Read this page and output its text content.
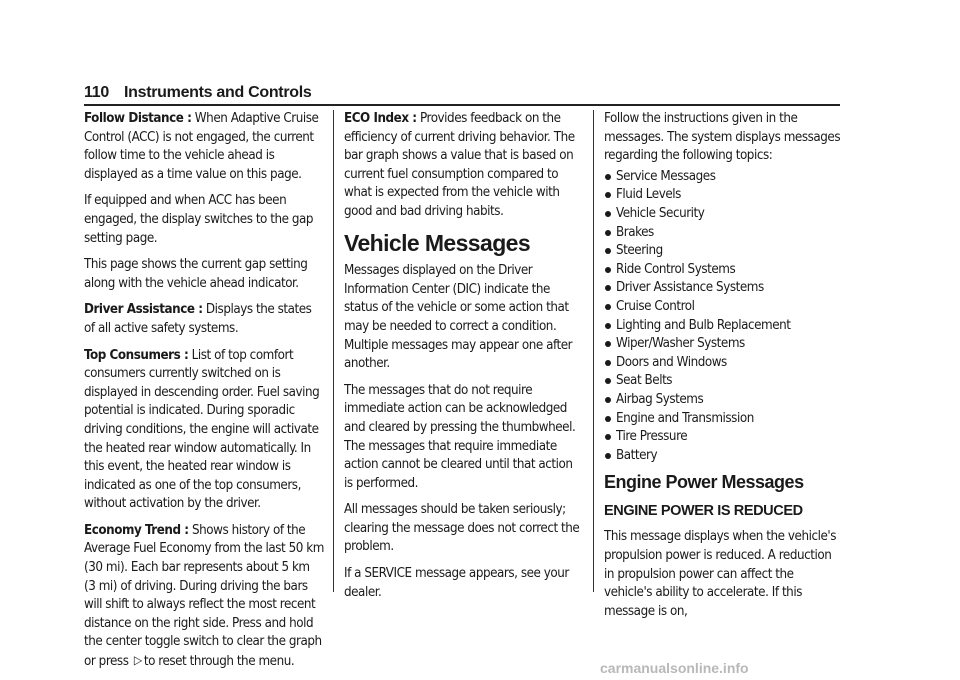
110 Instruments and Controls

Follow Distance : When Adaptive Cruise Control (ACC) is not engaged, the current follow time to the vehicle ahead is displayed as a time value on this page.

If equipped and when ACC has been engaged, the display switches to the gap setting page.

This page shows the current gap setting along with the vehicle ahead indicator.

Driver Assistance : Displays the states of all active safety systems.

Top Consumers : List of top comfort consumers currently switched on is displayed in descending order. Fuel saving potential is indicated. During sporadic driving conditions, the engine will activate the heated rear window automatically. In this event, the heated rear window is indicated as one of the top consumers, without activation by the driver.

Economy Trend : Shows history of the Average Fuel Economy from the last 50 km (30 mi). Each bar represents about 5 km (3 mi) of driving. During driving the bars will shift to always reflect the most recent distance on the right side. Press and hold the center toggle switch to clear the graph or press ▷ to reset through the menu.

ECO Index : Provides feedback on the efficiency of current driving behavior. The bar graph shows a value that is based on current fuel consumption compared to what is expected from the vehicle with good and bad driving habits.

Vehicle Messages

Messages displayed on the Driver Information Center (DIC) indicate the status of the vehicle or some action that may be needed to correct a condition. Multiple messages may appear one after another.

The messages that do not require immediate action can be acknowledged and cleared by pressing the thumbwheel. The messages that require immediate action cannot be cleared until that action is performed.

All messages should be taken seriously; clearing the message does not correct the problem.

If a SERVICE message appears, see your dealer.

Follow the instructions given in the messages. The system displays messages regarding the following topics:

Service Messages
Fluid Levels
Vehicle Security
Brakes
Steering
Ride Control Systems
Driver Assistance Systems
Cruise Control
Lighting and Bulb Replacement
Wiper/Washer Systems
Doors and Windows
Seat Belts
Airbag Systems
Engine and Transmission
Tire Pressure
Battery
Engine Power Messages
ENGINE POWER IS REDUCED

This message displays when the vehicle's propulsion power is reduced. A reduction in propulsion power can affect the vehicle's ability to accelerate. If this message is on,

carmanualsonline.info
